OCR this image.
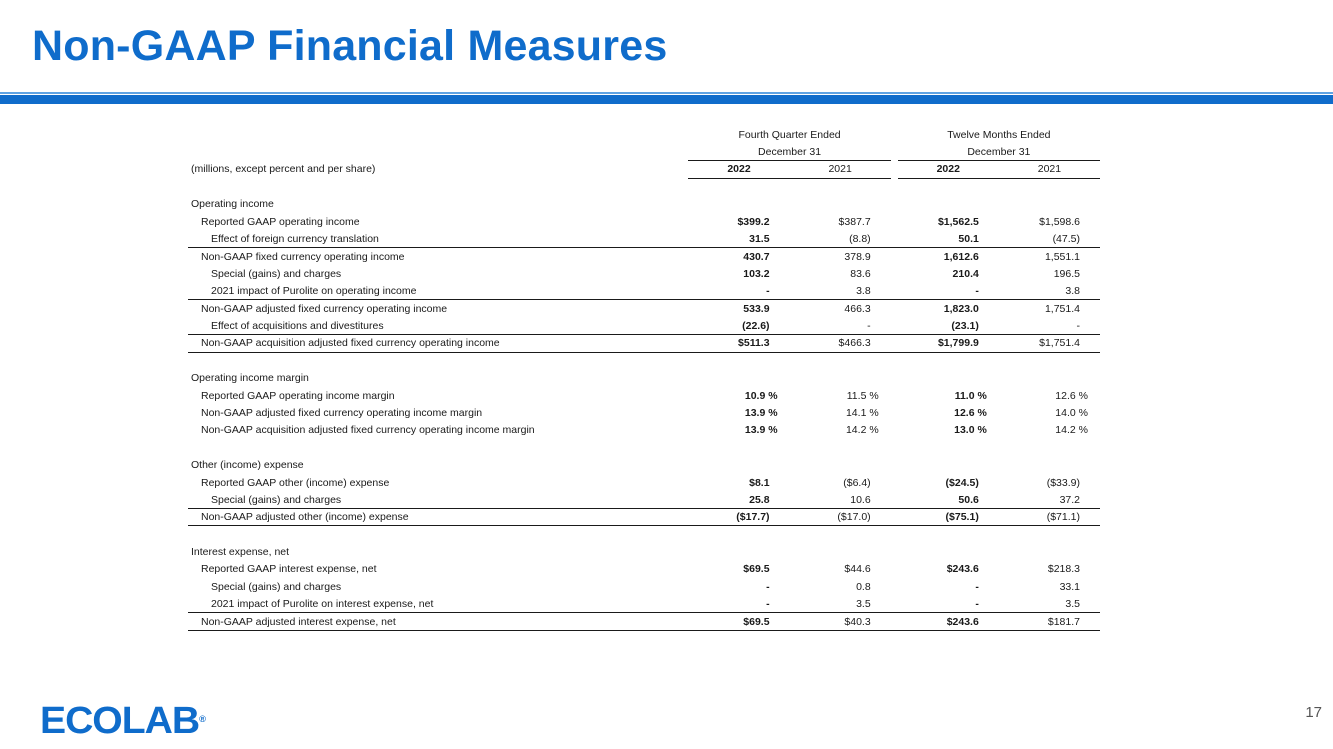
Non-GAAP Financial Measures
		Fourth Quarter Ended			Twelve Months Ended	
		December 31			December 31	
(millions, except percent and per share)		2022	2021		2022	2021

Operating income						
Reported GAAP operating income		$399.2	$387.7		$1,562.5	$1,598.6
Effect of foreign currency translation		31.5	(8.8)		50.1	(47.5)
Non-GAAP fixed currency operating income		430.7	378.9		1,612.6	1,551.1
Special (gains) and charges		103.2	83.6		210.4	196.5
2021 impact of Purolite on operating income		-	3.8		-	3.8
Non-GAAP adjusted fixed currency operating income		533.9	466.3		1,823.0	1,751.4
Effect of acquisitions and divestitures		(22.6)	-		(23.1)	-
Non-GAAP acquisition adjusted fixed currency operating income		$511.3	$466.3		$1,799.9	$1,751.4

Operating income margin						
Reported GAAP operating income margin		10.9 %	11.5 %		11.0 %	12.6 %
Non-GAAP adjusted fixed currency operating income margin		13.9 %	14.1 %		12.6 %	14.0 %
Non-GAAP acquisition adjusted fixed currency operating income margin		13.9 %	14.2 %		13.0 %	14.2 %

Other (income) expense						
Reported GAAP other (income) expense		$8.1	($6.4)		($24.5)	($33.9)
Special (gains) and charges		25.8	10.6		50.6	37.2
Non-GAAP adjusted other (income) expense		($17.7)	($17.0)		($75.1)	($71.1)

Interest expense, net						
Reported GAAP interest expense, net		$69.5	$44.6		$243.6	$218.3
Special (gains) and charges		-	0.8		-	33.1
2021 impact of Purolite on interest expense, net		-	3.5		-	3.5
Non-GAAP adjusted interest expense, net		$69.5	$40.3		$243.6	$181.7
ECOLAB®	17
